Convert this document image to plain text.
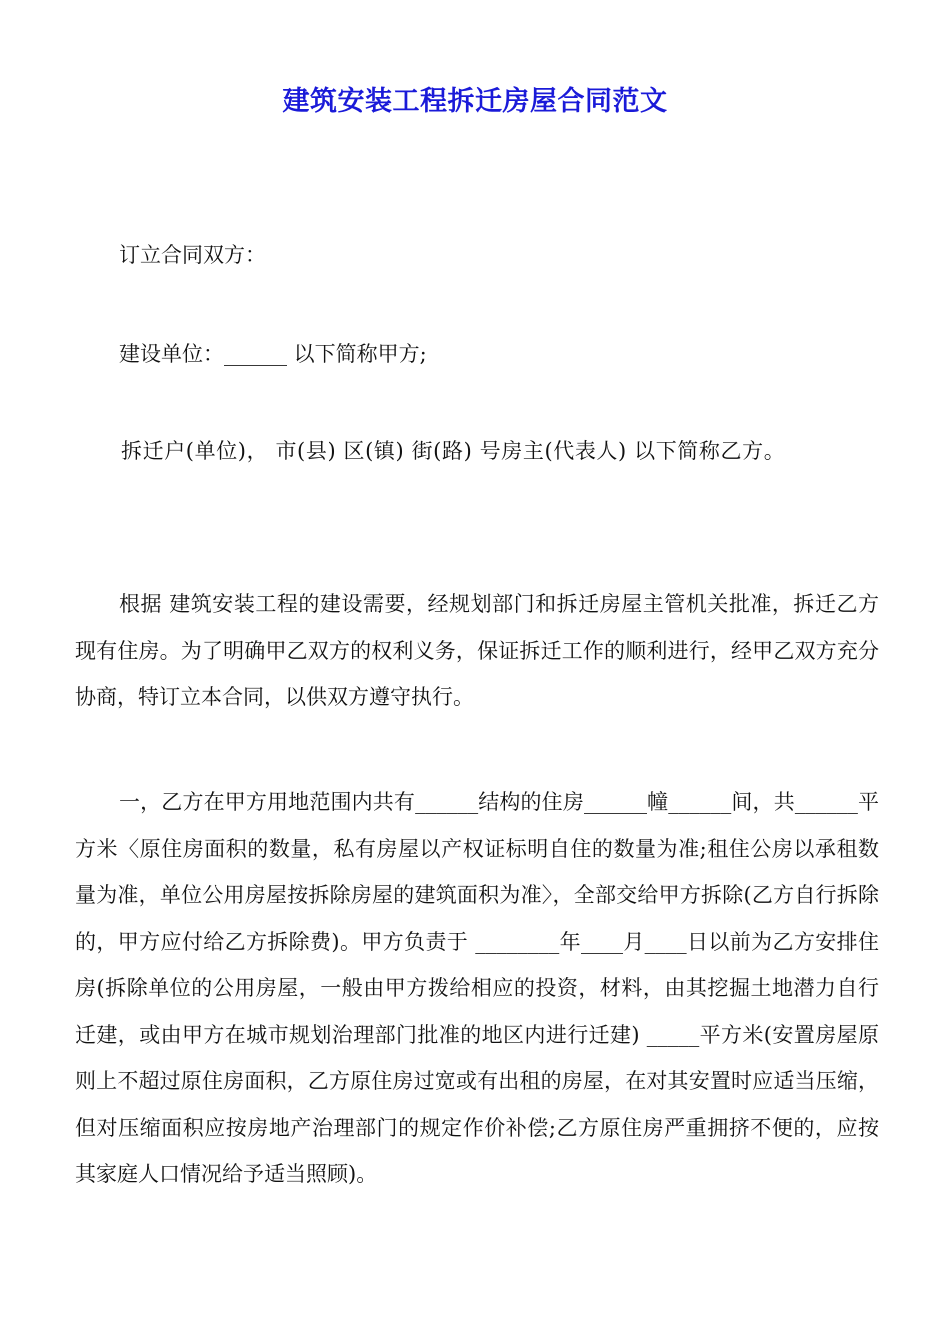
建筑安装工程拆迁房屋合同范文
订立合同双方：
建设单位：______ 以下简称甲方;
拆迁户(单位)， 市(县) 区(镇) 街(路) 号房主(代表人) 以下简称乙方。
根据 建筑安装工程的建设需要，经规划部门和拆迁房屋主管机关批准，拆迁乙方现有住房。为了明确甲乙双方的权利义务，保证拆迁工作的顺利进行，经甲乙双方充分协商，特订立本合同，以供双方遵守执行。
一，乙方在甲方用地范围内共有______结构的住房______幢______间，共______平方米〈原住房面积的数量，私有房屋以产权证标明自住的数量为准;租住公房以承租数量为准，单位公用房屋按拆除房屋的建筑面积为准〉，全部交给甲方拆除(乙方自行拆除的，甲方应付给乙方拆除费)。甲方负责于 ________年____月____日以前为乙方安排住房(拆除单位的公用房屋，一般由甲方拨给相应的投资，材料，由其挖掘土地潜力自行迁建，或由甲方在城市规划治理部门批准的地区内进行迁建) _____平方米(安置房屋原则上不超过原住房面积，乙方原住房过宽或有出租的房屋，在对其安置时应适当压缩，但对压缩面积应按房地产治理部门的规定作价补偿;乙方原住房严重拥挤不便的，应按其家庭人口情况给予适当照顾)。
